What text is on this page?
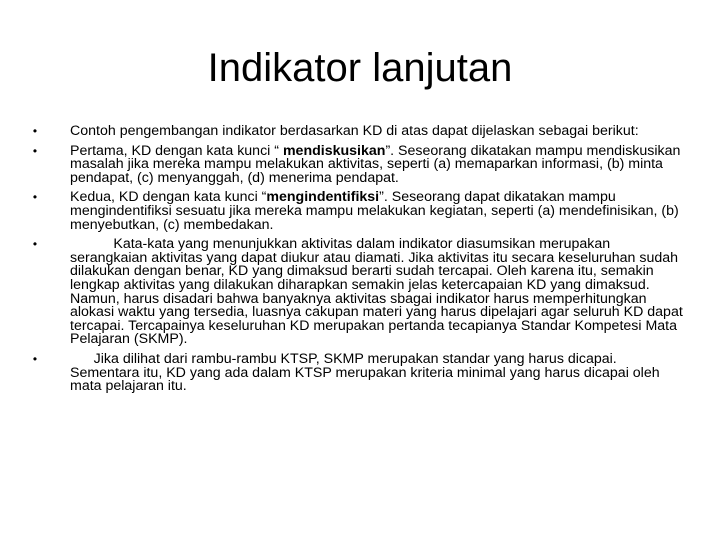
Indikator lanjutan
•	Contoh pengembangan indikator berdasarkan KD di atas dapat dijelaskan sebagai berikut:
•	Pertama, KD dengan kata kunci “ mendiskusikan”. Seseorang dikatakan mampu mendiskusikan masalah jika mereka mampu melakukan aktivitas, seperti (a) memaparkan informasi, (b) minta pendapat, (c) menyanggah, (d) menerima pendapat.
•	Kedua, KD dengan kata kunci “mengindentifiksi”. Seseorang dapat dikatakan mampu mengindentifiksi sesuatu jika mereka mampu melakukan kegiatan, seperti (a) mendefinisikan, (b) menyebutkan, (c) membedakan.
•	Kata-kata yang menunjukkan aktivitas dalam indikator diasumsikan merupakan serangkaian aktivitas yang dapat diukur atau diamati. Jika aktivitas itu secara keseluruhan sudah dilakukan dengan benar, KD yang dimaksud berarti sudah tercapai. Oleh karena itu, semakin lengkap aktivitas yang dilakukan diharapkan semakin jelas ketercapaian KD yang dimaksud. Namun, harus disadari bahwa banyaknya aktivitas sbagai indikator harus memperhitungkan alokasi waktu yang tersedia, luasnya cakupan materi yang harus dipelajari agar seluruh KD dapat tercapai. Tercapainya keseluruhan KD merupakan pertanda tecapianya Standar Kompetesi Mata Pelajaran (SKMP).
•	Jika dilihat dari rambu-rambu KTSP, SKMP merupakan standar yang harus dicapai. Sementara itu, KD yang ada dalam KTSP merupakan kriteria minimal yang harus dicapai oleh mata pelajaran itu.
